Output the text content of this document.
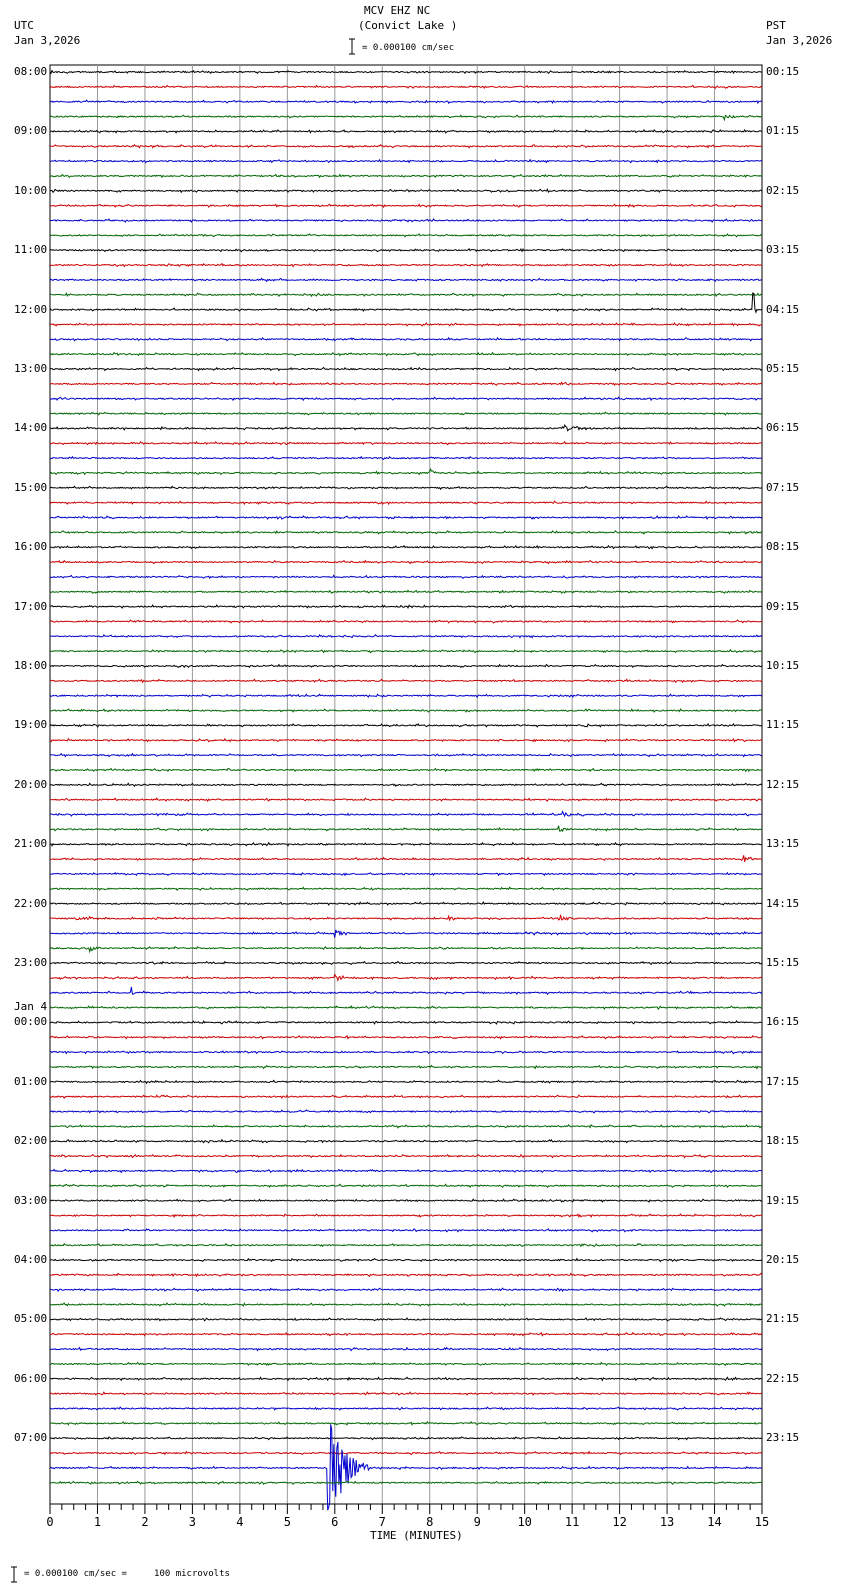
MCV EHZ NC
(Convict Lake )
UTC
Jan 3,2026
PST
Jan 3,2026
= 0.000100 cm/sec
= 0.000100 cm/sec =     100 microvolts
TIME (MINUTES)
08:00
09:00
10:00
11:00
12:00
13:00
14:00
15:00
16:00
17:00
18:00
19:00
20:00
21:00
22:00
23:00
00:00
01:00
02:00
03:00
04:00
05:00
06:00
07:00
00:15
01:15
02:15
03:15
04:15
05:15
06:15
07:15
08:15
09:15
10:15
11:15
12:15
13:15
14:15
15:15
16:15
17:15
18:15
19:15
20:15
21:15
22:15
23:15
Jan 4
0	1	2	3	4	5	6	7	8	9	10	11	12	13	14	15
